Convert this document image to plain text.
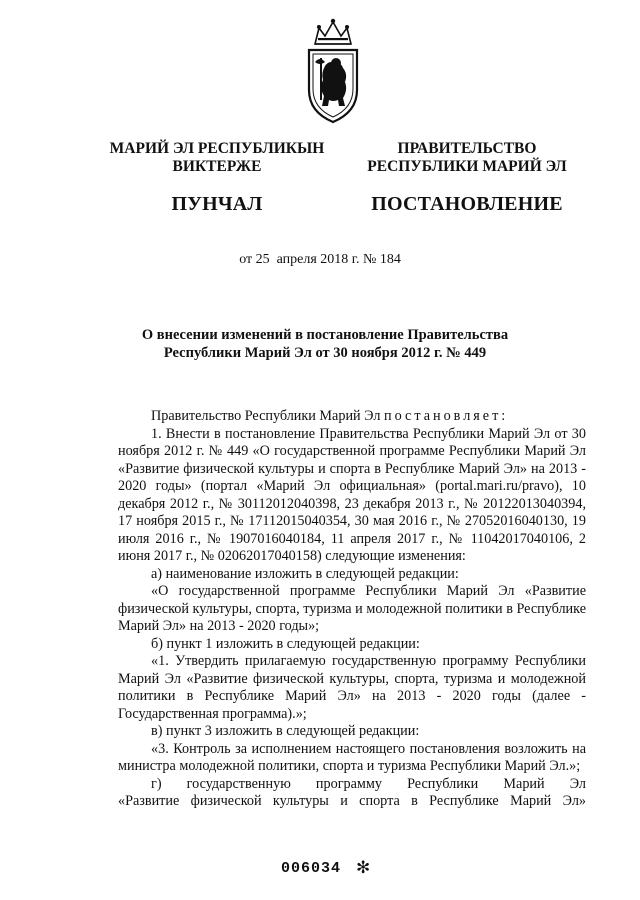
МАРИЙ ЭЛ РЕСПУБЛИКЫН
ВИКТЕРЖЕ
ПУНЧАЛ
ПРАВИТЕЛЬСТВО
РЕСПУБЛИКИ МАРИЙ ЭЛ
ПОСТАНОВЛЕНИЕ
от 25 апреля 2018 г. № 184
О внесении изменений в постановление Правительства
Республики Марий Эл от 30 ноября 2012 г. № 449

Правительство Республики Марий Эл постановляет:

1. Внести в постановление Правительства Республики Марий Эл от 30 ноября 2012 г. № 449 «О государственной программе Республики Марий Эл «Развитие физической культуры и спорта в Республике Марий Эл» на 2013 - 2020 годы» (портал «Марий Эл официальная» (portal.mari.ru/pravo), 10 декабря 2012 г., № 30112012040398, 23 декабря 2013 г., № 20122013040394, 17 ноября 2015 г., № 17112015040354, 30 мая 2016 г., № 27052016040130, 19 июля 2016 г., № 1907016040184, 11 апреля 2017 г., № 11042017040106, 2 июня 2017 г., № 02062017040158) следующие изменения:

а) наименование изложить в следующей редакции:

«О государственной программе Республики Марий Эл «Развитие физической культуры, спорта, туризма и молодежной политики в Республике Марий Эл» на 2013 - 2020 годы»;

б) пункт 1 изложить в следующей редакции:

«1. Утвердить прилагаемую государственную программу Республики Марий Эл «Развитие физической культуры, спорта, туризма и молодежной политики в Республике Марий Эл» на 2013 - 2020 годы (далее - Государственная программа).»;

в) пункт 3 изложить в следующей редакции:

«3. Контроль за исполнением настоящего постановления возложить на министра молодежной политики, спорта и туризма Республики Марий Эл.»;

г) государственную программу Республики Марий Эл

«Развитие физической культуры и спорта в Республике Марий Эл»

006034 ✻
